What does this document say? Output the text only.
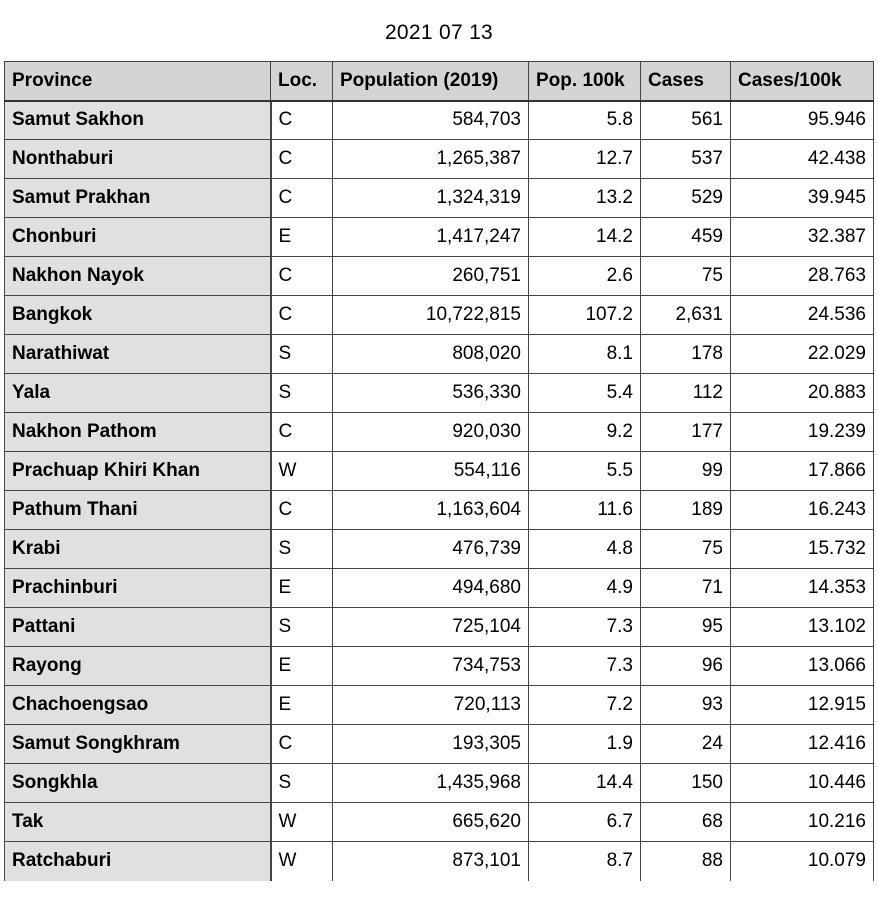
2021 07 13
Province	Loc.	Population (2019)	Pop. 100k	Cases	Cases/100k
Samut Sakhon	C	584,703	5.8	561	95.946
Nonthaburi	C	1,265,387	12.7	537	42.438
Samut Prakhan	C	1,324,319	13.2	529	39.945
Chonburi	E	1,417,247	14.2	459	32.387
Nakhon Nayok	C	260,751	2.6	75	28.763
Bangkok	C	10,722,815	107.2	2,631	24.536
Narathiwat	S	808,020	8.1	178	22.029
Yala	S	536,330	5.4	112	20.883
Nakhon Pathom	C	920,030	9.2	177	19.239
Prachuap Khiri Khan	W	554,116	5.5	99	17.866
Pathum Thani	C	1,163,604	11.6	189	16.243
Krabi	S	476,739	4.8	75	15.732
Prachinburi	E	494,680	4.9	71	14.353
Pattani	S	725,104	7.3	95	13.102
Rayong	E	734,753	7.3	96	13.066
Chachoengsao	E	720,113	7.2	93	12.915
Samut Songkhram	C	193,305	1.9	24	12.416
Songkhla	S	1,435,968	14.4	150	10.446
Tak	W	665,620	6.7	68	10.216
Ratchaburi	W	873,101	8.7	88	10.079
